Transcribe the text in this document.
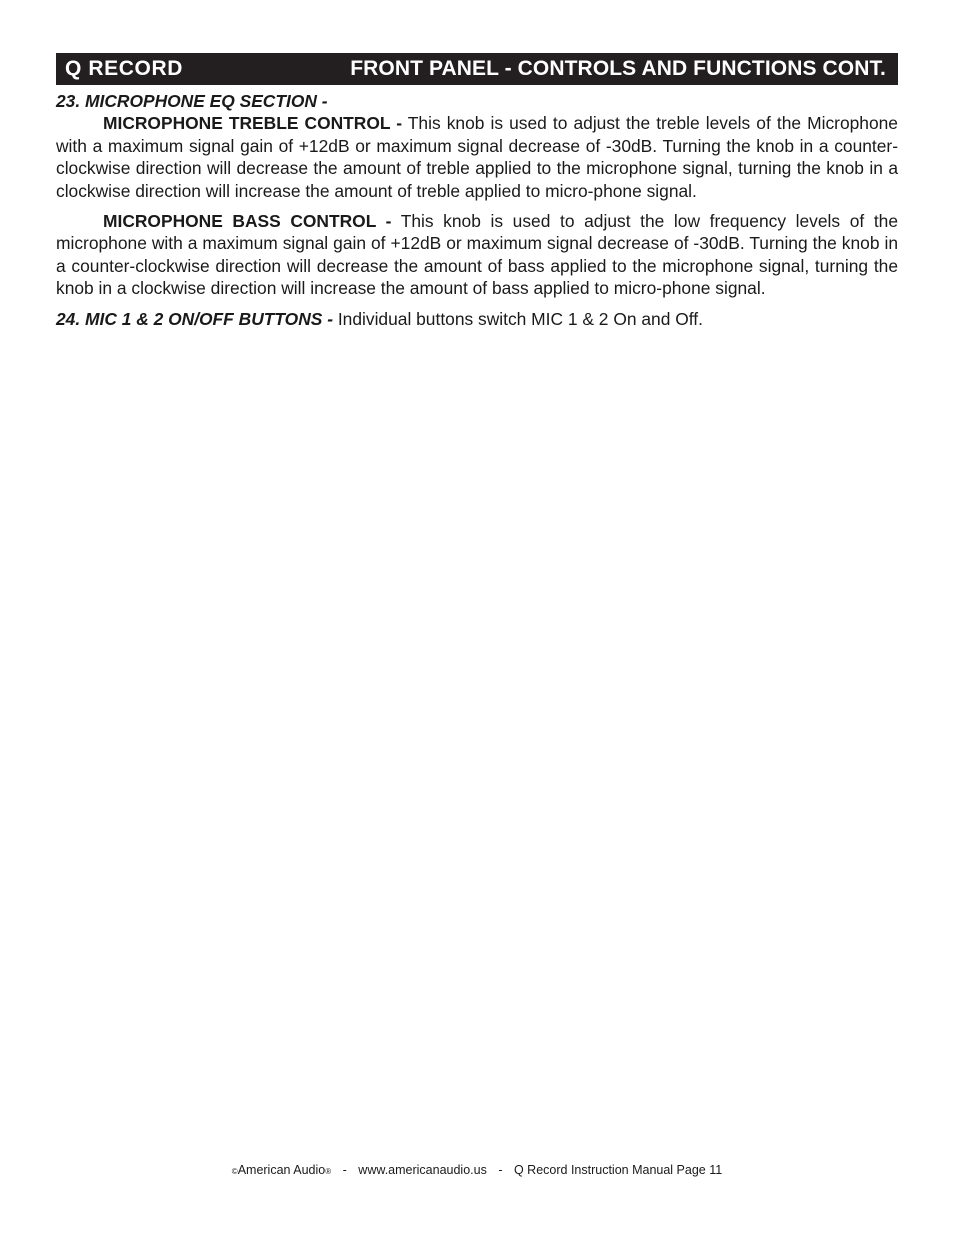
Q RECORD	FRONT PANEL - CONTROLS AND FUNCTIONS CONT.

23. MICROPHONE EQ SECTION -

MICROPHONE TREBLE CONTROL - This knob is used to adjust the treble levels of the Microphone with a maximum signal gain of +12dB or maximum signal decrease of -30dB. Turning the knob in a counter-clockwise direction will decrease the amount of treble applied to the microphone signal, turning the knob in a clockwise direction will increase the amount of treble applied to micro-phone signal.

MICROPHONE BASS CONTROL - This knob is used to adjust the low frequency levels of the microphone with a maximum signal gain of +12dB or maximum signal decrease of -30dB. Turning the knob in a counter-clockwise direction will decrease the amount of bass applied to the microphone signal, turning the knob in a clockwise direction will increase the amount of bass applied to micro-phone signal.

24. MIC 1 & 2 ON/OFF BUTTONS - Individual buttons switch MIC 1 & 2 On and Off.

©American Audio® - www.americanaudio.us - Q Record Instruction Manual Page 11
